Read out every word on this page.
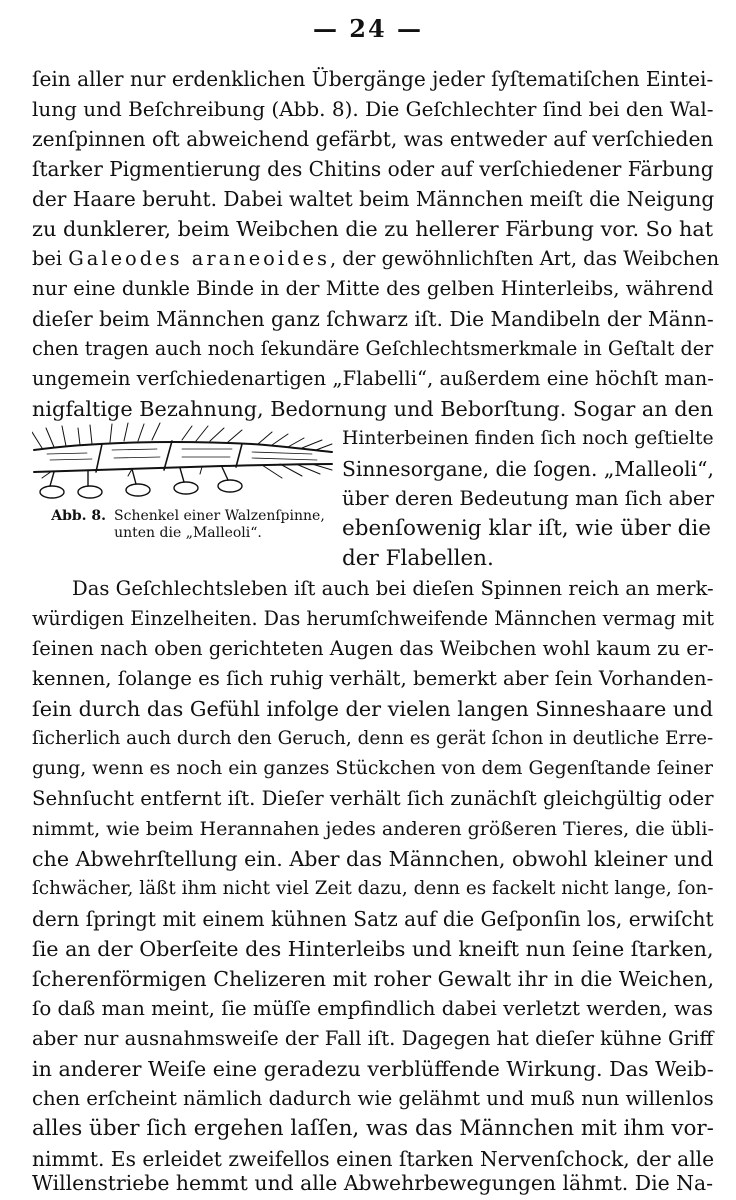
— 24 —
ſein aller nur erdenklichen Übergänge jeder ſyſtematiſchen Eintei-
lung und Beſchreibung (Abb. 8). Die Geſchlechter ſind bei den Wal-
zenſpinnen oft abweichend gefärbt, was entweder auf verſchieden
ſtarker Pigmentierung des Chitins oder auf verſchiedener Färbung
der Haare beruht. Dabei waltet beim Männchen meiſt die Neigung
zu dunklerer, beim Weibchen die zu hellerer Färbung vor. So hat
bei Galeodes araneoides, der gewöhnlichſten Art, das Weibchen
nur eine dunkle Binde in der Mitte des gelben Hinterleibs, während
dieſer beim Männchen ganz ſchwarz iſt. Die Mandibeln der Männ-
chen tragen auch noch ſekundäre Geſchlechtsmerkmale in Geſtalt der
ungemein verſchiedenartigen „Flabelli“, außerdem eine höchſt man-
nigfaltige Bezahnung, Bedornung und Beborſtung. Sogar an den
Abb. 8. Schenkel einer Walzenſpinne, unten die „Malleoli“.
Hinterbeinen finden ſich noch geſtielte
Sinnesorgane, die ſogen. „Malleoli“,
über deren Bedeutung man ſich aber
ebenſowenig klar iſt, wie über die
der Flabellen.
Das Geſchlechtsleben iſt auch bei dieſen Spinnen reich an merk-
würdigen Einzelheiten. Das herumſchweifende Männchen vermag mit
ſeinen nach oben gerichteten Augen das Weibchen wohl kaum zu er-
kennen, ſolange es ſich ruhig verhält, bemerkt aber ſein Vorhanden-
ſein durch das Gefühl infolge der vielen langen Sinneshaare und
ſicherlich auch durch den Geruch, denn es gerät ſchon in deutliche Erre-
gung, wenn es noch ein ganzes Stückchen von dem Gegenſtande ſeiner
Sehnſucht entfernt iſt. Dieſer verhält ſich zunächſt gleichgültig oder
nimmt, wie beim Herannahen jedes anderen größeren Tieres, die übli-
che Abwehrſtellung ein. Aber das Männchen, obwohl kleiner und
ſchwächer, läßt ihm nicht viel Zeit dazu, denn es fackelt nicht lange, ſon-
dern ſpringt mit einem kühnen Satz auf die Geſponſin los, erwiſcht
ſie an der Oberſeite des Hinterleibs und kneift nun ſeine ſtarken,
ſcherenförmigen Chelizeren mit roher Gewalt ihr in die Weichen,
ſo daß man meint, ſie müſſe empfindlich dabei verletzt werden, was
aber nur ausnahmsweiſe der Fall iſt. Dagegen hat dieſer kühne Griff
in anderer Weiſe eine geradezu verblüffende Wirkung. Das Weib-
chen erſcheint nämlich dadurch wie gelähmt und muß nun willenlos
alles über ſich ergehen laſſen, was das Männchen mit ihm vor-
nimmt. Es erleidet zweifellos einen ſtarken Nervenſchock, der alle
Willenstriebe hemmt und alle Abwehrbewegungen lähmt. Die Na-
